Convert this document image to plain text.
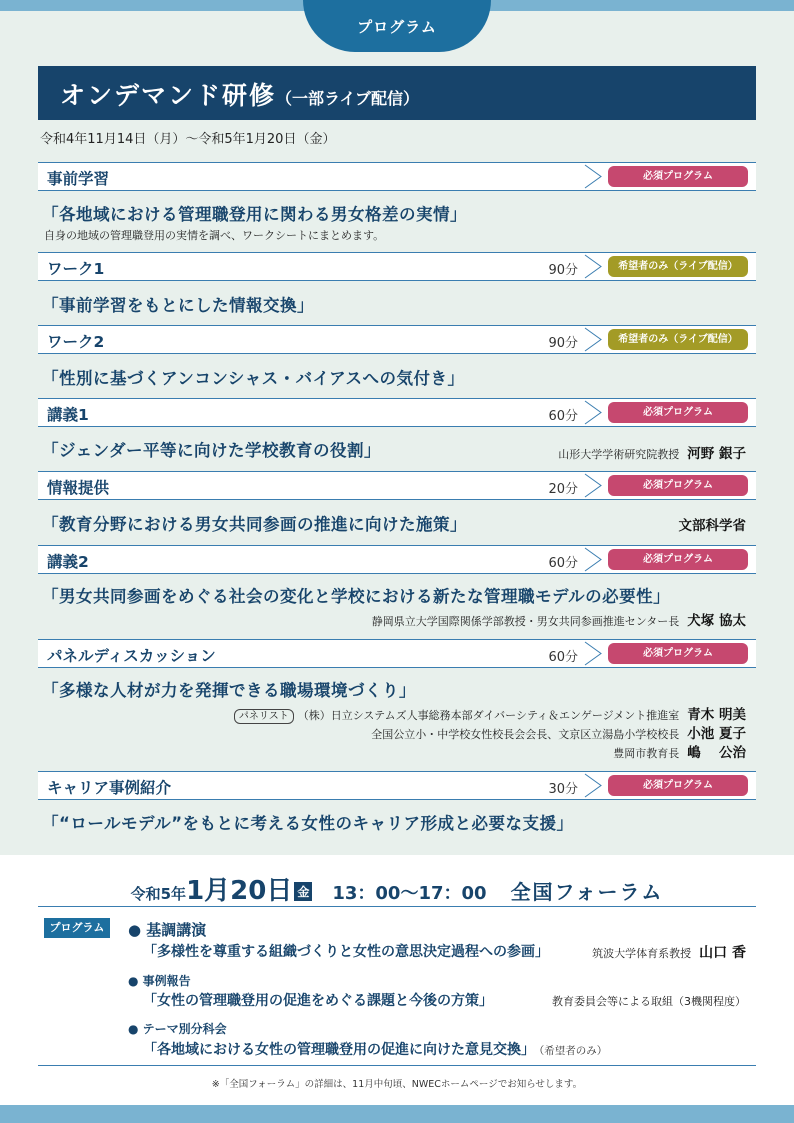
プログラム
オンデマンド研修（一部ライブ配信）
令和4年11月14日（月）～令和5年1月20日（金）
事前学習	必須プログラム
「各地域における管理職登用に関わる男女格差の実情」
自身の地域の管理職登用の実情を調べ、ワークシートにまとめます。
ワーク1	90分	希望者のみ（ライブ配信）
「事前学習をもとにした情報交換」
ワーク2	90分	希望者のみ（ライブ配信）
「性別に基づくアンコンシャス・バイアスへの気付き」
講義1	60分	必須プログラム
「ジェンダー平等に向けた学校教育の役割」	山形大学学術研究院教授 河野 銀子
情報提供	20分	必須プログラム
「教育分野における男女共同参画の推進に向けた施策」	文部科学省
講義2	60分	必須プログラム
「男女共同参画をめぐる社会の変化と学校における新たな管理職モデルの必要性」
静岡県立大学国際関係学部教授・男女共同参画推進センター長 犬塚 協太
パネルディスカッション	60分	必須プログラム
「多様な人材が力を発揮できる職場環境づくり」
パネリスト （株）日立システムズ人事総務本部ダイバーシティ＆エンゲージメント推進室 青木 明美
全国公立小・中学校女性校長会会長、文京区立湯島小学校校長 小池 夏子
豊岡市教育長 嶋　 公治
キャリア事例紹介	30分	必須プログラム
「“ロールモデル”をもとに考える女性のキャリア形成と必要な支援」
令和5年1月20日 金 13：00～17：00 全国フォーラム
プログラム	● 基調講演
「多様性を尊重する組織づくりと女性の意思決定過程への参画」	筑波大学体育系教授 山口 香
● 事例報告
「女性の管理職登用の促進をめぐる課題と今後の方策」	教育委員会等による取組（3機関程度）
● テーマ別分科会
「各地域における女性の管理職登用の促進に向けた意見交換」 （希望者のみ）
※「全国フォーラム」の詳細は、11月中旬頃、NWECホームページでお知らせします。
